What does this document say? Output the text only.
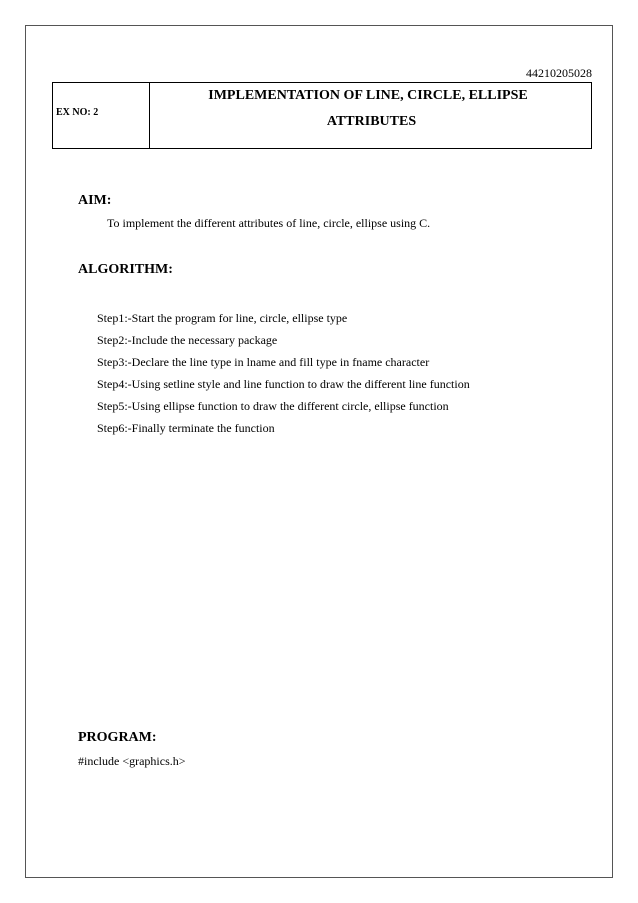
44210205028
EX NO: 2
IMPLEMENTATION OF LINE, CIRCLE, ELLIPSE
ATTRIBUTES
AIM:
To implement the different attributes of line, circle, ellipse using C.
ALGORITHM:
Step1:-Start the program for line, circle, ellipse type
Step2:-Include the necessary package
Step3:-Declare the line type in lname and fill type in fname character
Step4:-Using setline style and line function to draw the different line function
Step5:-Using ellipse function to draw the different circle, ellipse function
Step6:-Finally terminate the function
PROGRAM:
#include <graphics.h>
